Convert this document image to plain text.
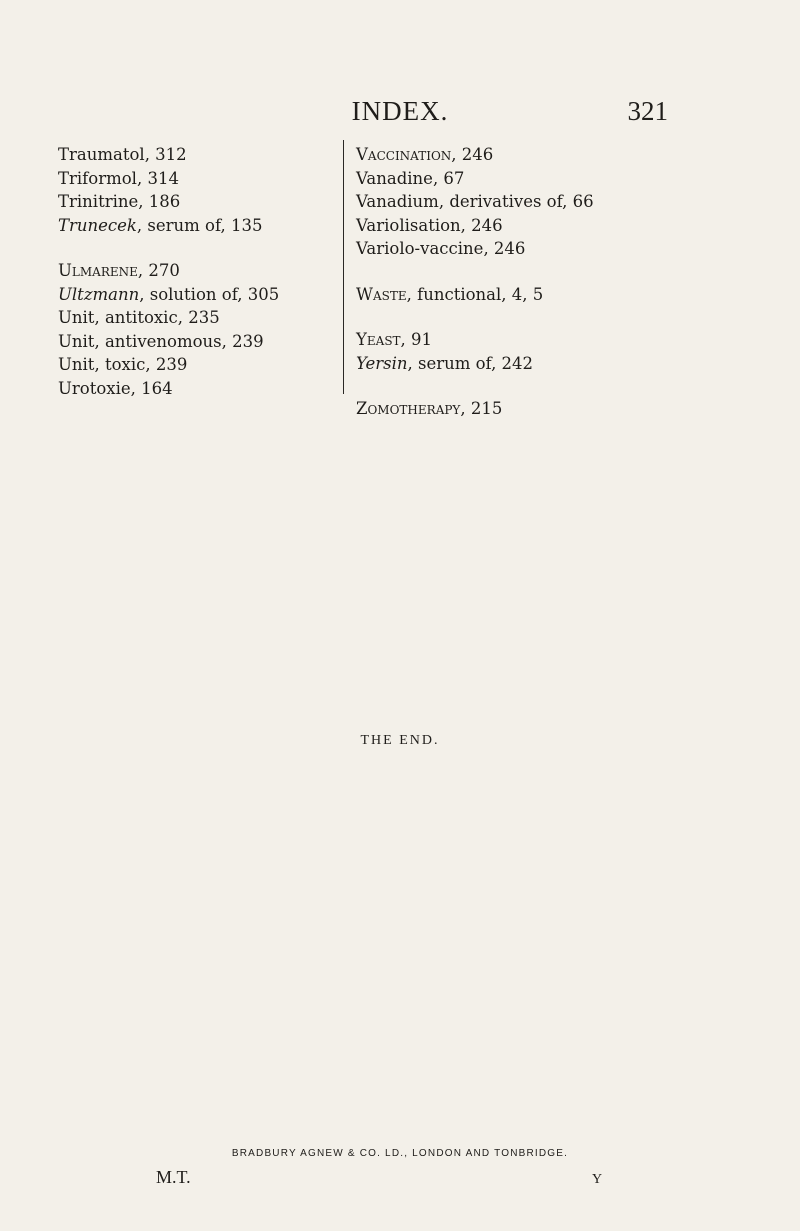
INDEX.	321
Traumatol, 312
Triformol, 314
Trinitrine, 186
Trunecek, serum of, 135
Ulmarene, 270
Ultzmann, solution of, 305
Unit, antitoxic, 235
Unit, antivenomous, 239
Unit, toxic, 239
Urotoxie, 164
Vaccination, 246
Vanadine, 67
Vanadium, derivatives of, 66
Variolisation, 246
Variolo-vaccine, 246
Waste, functional, 4, 5
Yeast, 91
Yersin, serum of, 242
Zomotherapy, 215
THE END.
BRADBURY AGNEW & CO. LD., LONDON AND TONBRIDGE.
M.T.	Y
